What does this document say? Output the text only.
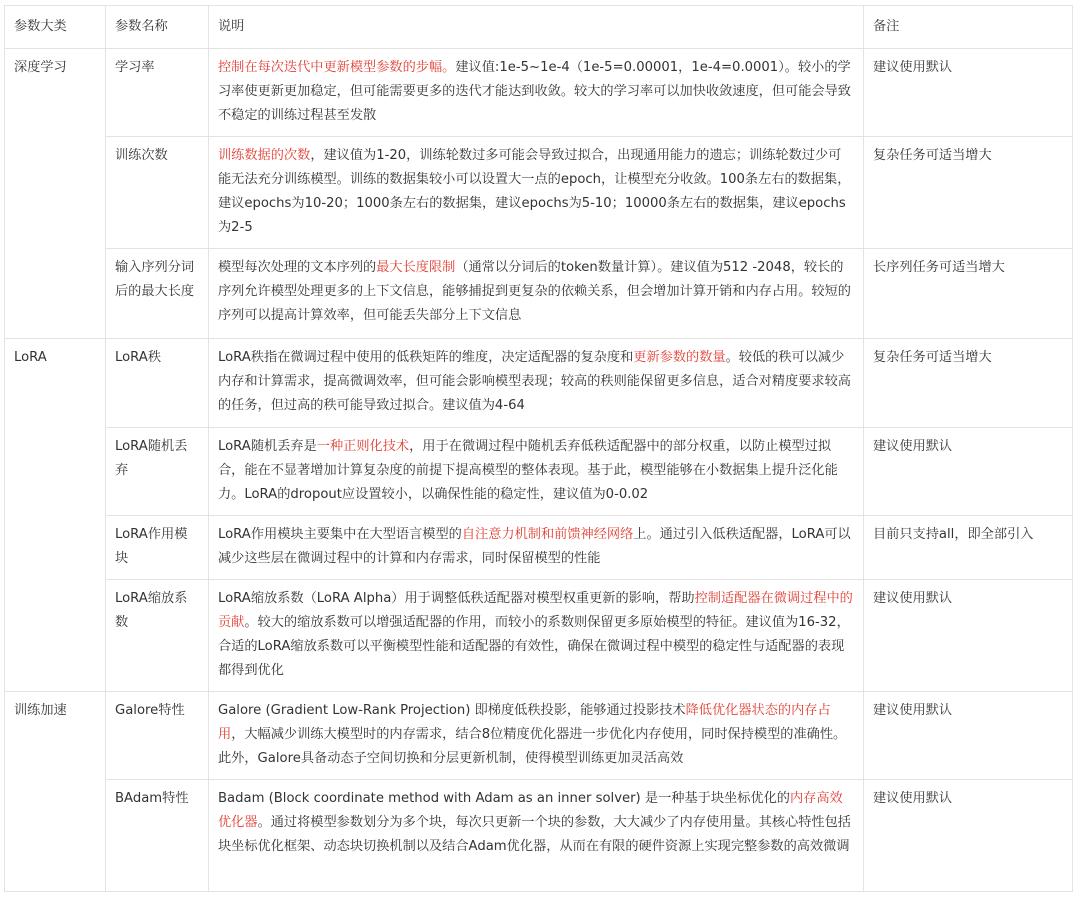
参数大类	参数名称	说明	备注
深度学习	学习率	控制在每次迭代中更新模型参数的步幅。建议值:1e-5~1e-4（1e-5=0.00001，1e-4=0.0001）。较小的学习率使更新更加稳定，但可能需要更多的迭代才能达到收敛。较大的学习率可以加快收敛速度，但可能会导致不稳定的训练过程甚至发散	建议使用默认
	训练次数	训练数据的次数，建议值为1-20，训练轮数过多可能会导致过拟合，出现通用能力的遗忘；训练轮数过少可能无法充分训练模型。训练的数据集较小可以设置大一点的epoch，让模型充分收敛。100条左右的数据集，建议epochs为10-20；1000条左右的数据集，建议epochs为5-10；10000条左右的数据集，建议epochs为2-5	复杂任务可适当增大
	输入序列分词后的最大长度	模型每次处理的文本序列的最大长度限制（通常以分词后的token数量计算）。建议值为512 -2048，较长的序列允许模型处理更多的上下文信息，能够捕捉到更复杂的依赖关系，但会增加计算开销和内存占用。较短的序列可以提高计算效率，但可能丢失部分上下文信息	长序列任务可适当增大
LoRA	LoRA秩	LoRA秩指在微调过程中使用的低秩矩阵的维度，决定适配器的复杂度和更新参数的数量。较低的秩可以减少内存和计算需求，提高微调效率，但可能会影响模型表现；较高的秩则能保留更多信息，适合对精度要求较高的任务，但过高的秩可能导致过拟合。建议值为4-64	复杂任务可适当增大
	LoRA随机丢弃	LoRA随机丢弃是一种正则化技术，用于在微调过程中随机丢弃低秩适配器中的部分权重，以防止模型过拟合，能在不显著增加计算复杂度的前提下提高模型的整体表现。基于此，模型能够在小数据集上提升泛化能力。LoRA的dropout应设置较小，以确保性能的稳定性，建议值为0-0.02	建议使用默认
	LoRA作用模块	LoRA作用模块主要集中在大型语言模型的自注意力机制和前馈神经网络上。通过引入低秩适配器，LoRA可以减少这些层在微调过程中的计算和内存需求，同时保留模型的性能	目前只支持all，即全部引入
	LoRA缩放系数	LoRA缩放系数（LoRA Alpha）用于调整低秩适配器对模型权重更新的影响，帮助控制适配器在微调过程中的贡献。较大的缩放系数可以增强适配器的作用，而较小的系数则保留更多原始模型的特征。建议值为16-32，合适的LoRA缩放系数可以平衡模型性能和适配器的有效性，确保在微调过程中模型的稳定性与适配器的表现都得到优化	建议使用默认
训练加速	Galore特性	Galore (Gradient Low-Rank Projection) 即梯度低秩投影，能够通过投影技术降低优化器状态的内存占用，大幅减少训练大模型时的内存需求，结合8位精度优化器进一步优化内存使用，同时保持模型的准确性。此外，Galore具备动态子空间切换和分层更新机制，使得模型训练更加灵活高效	建议使用默认
	BAdam特性	Badam (Block coordinate method with Adam as an inner solver) 是一种基于块坐标优化的内存高效优化器。通过将模型参数划分为多个块，每次只更新一个块的参数，大大减少了内存使用量。其核心特性包括块坐标优化框架、动态块切换机制以及结合Adam优化器，从而在有限的硬件资源上实现完整参数的高效微调	建议使用默认
